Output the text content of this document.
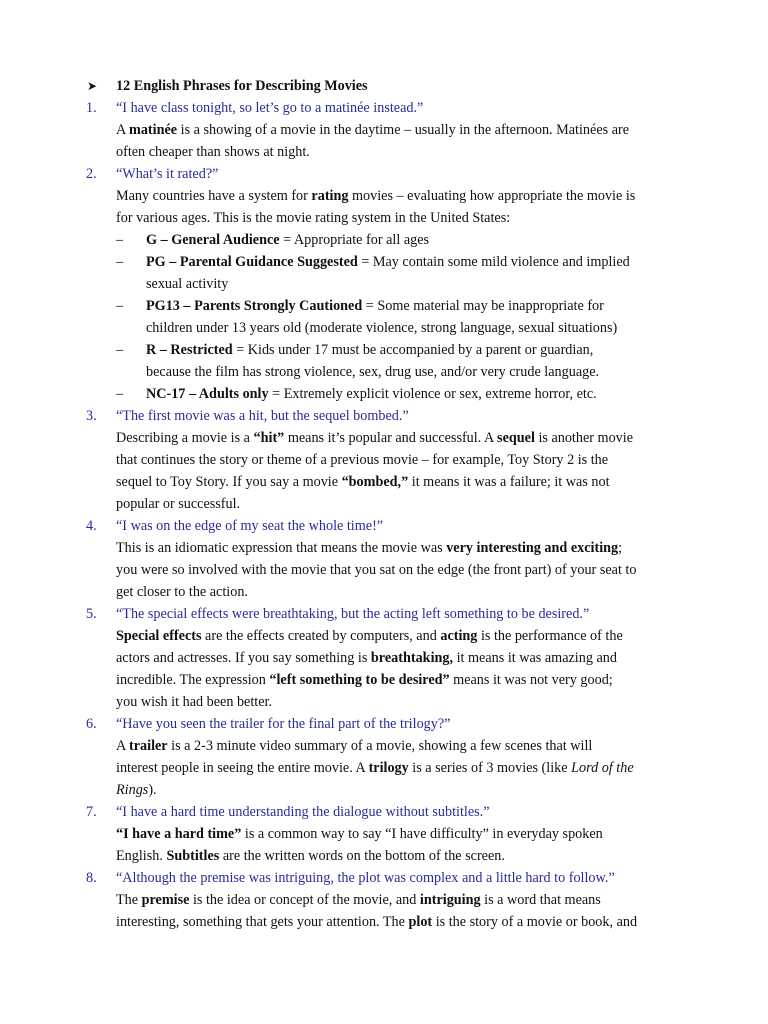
➤ 12 English Phrases for Describing Movies
1. “I have class tonight, so let’s go to a matinée instead.”
A matinée is a showing of a movie in the daytime – usually in the afternoon. Matinées are
often cheaper than shows at night.
2. “What’s it rated?”
Many countries have a system for rating movies – evaluating how appropriate the movie is
for various ages. This is the movie rating system in the United States:
– G – General Audience = Appropriate for all ages
– PG – Parental Guidance Suggested = May contain some mild violence and implied
sexual activity
– PG13 – Parents Strongly Cautioned = Some material may be inappropriate for
children under 13 years old (moderate violence, strong language, sexual situations)
– R – Restricted = Kids under 17 must be accompanied by a parent or guardian,
because the film has strong violence, sex, drug use, and/or very crude language.
– NC-17 – Adults only = Extremely explicit violence or sex, extreme horror, etc.
3. “The first movie was a hit, but the sequel bombed.”
Describing a movie is a “hit” means it’s popular and successful. A sequel is another movie
that continues the story or theme of a previous movie – for example, Toy Story 2 is the
sequel to Toy Story. If you say a movie “bombed,” it means it was a failure; it was not
popular or successful.
4. “I was on the edge of my seat the whole time!”
This is an idiomatic expression that means the movie was very interesting and exciting;
you were so involved with the movie that you sat on the edge (the front part) of your seat to
get closer to the action.
5. “The special effects were breathtaking, but the acting left something to be desired.”
Special effects are the effects created by computers, and acting is the performance of the
actors and actresses. If you say something is breathtaking, it means it was amazing and
incredible. The expression “left something to be desired” means it was not very good;
you wish it had been better.
6. “Have you seen the trailer for the final part of the trilogy?”
A trailer is a 2-3 minute video summary of a movie, showing a few scenes that will
interest people in seeing the entire movie. A trilogy is a series of 3 movies (like Lord of the
Rings).
7. “I have a hard time understanding the dialogue without subtitles.”
“I have a hard time” is a common way to say “I have difficulty” in everyday spoken
English. Subtitles are the written words on the bottom of the screen.
8. “Although the premise was intriguing, the plot was complex and a little hard to follow.”
The premise is the idea or concept of the movie, and intriguing is a word that means
interesting, something that gets your attention. The plot is the story of a movie or book, and
